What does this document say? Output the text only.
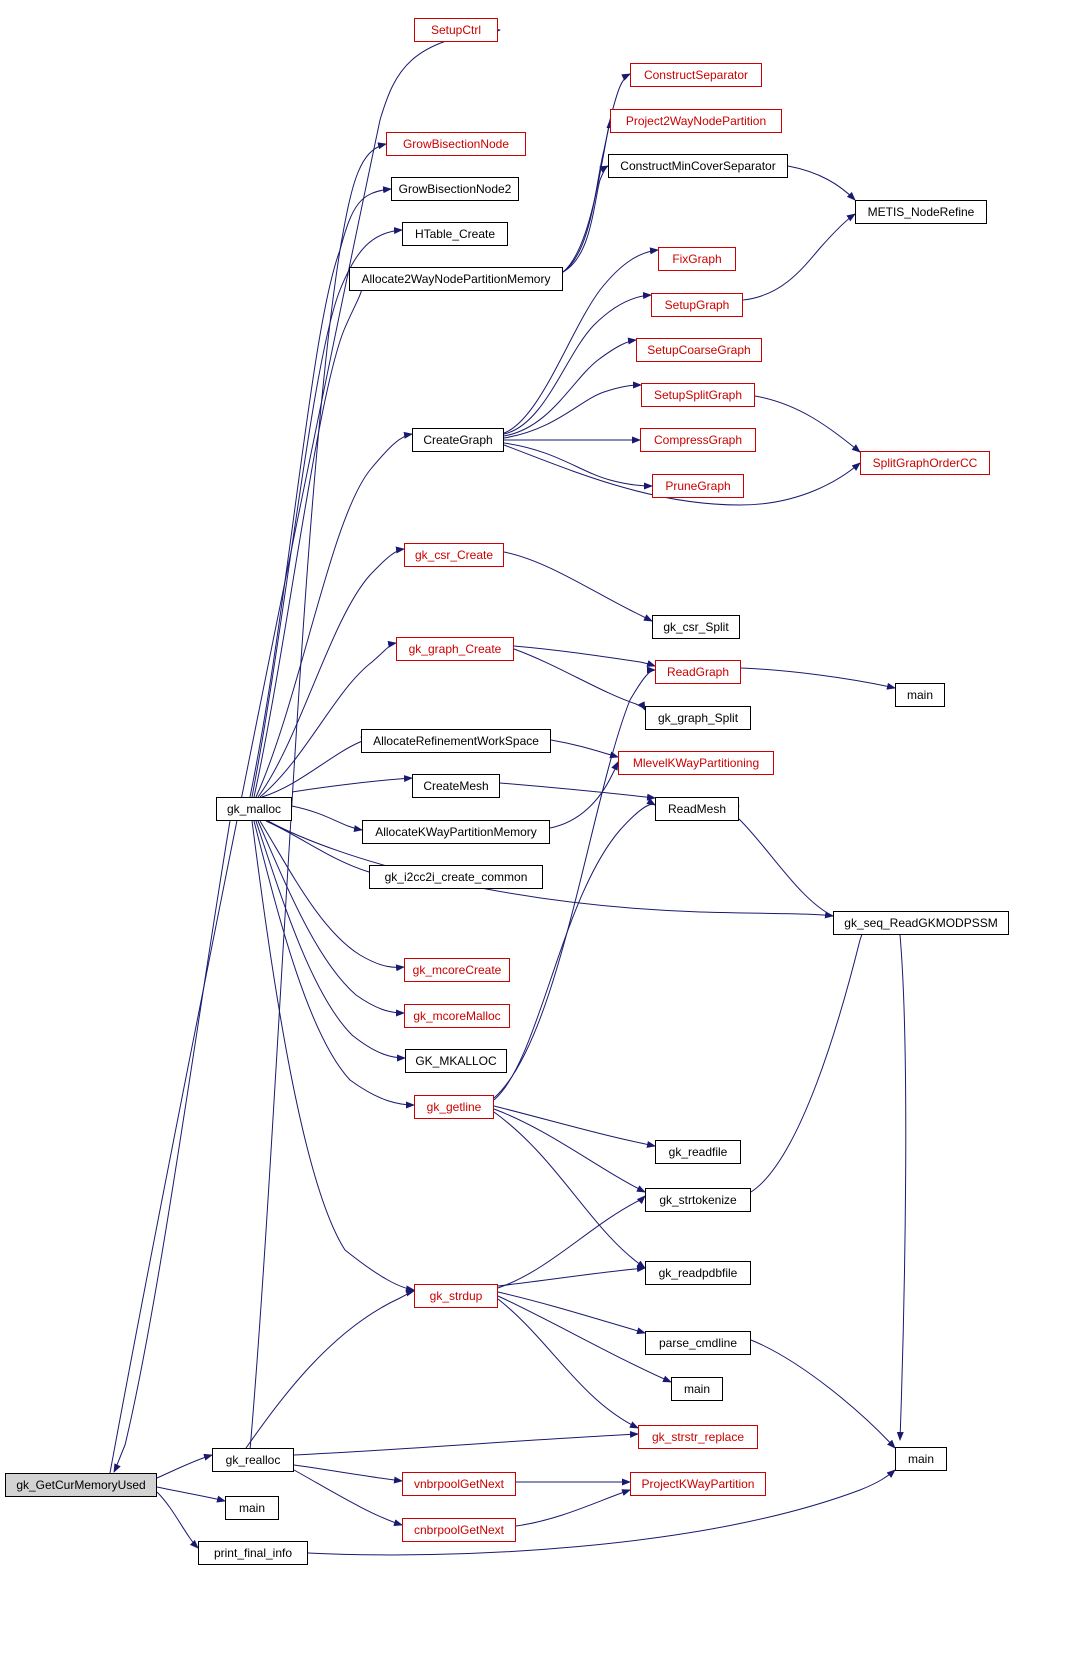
SetupCtrl
ConstructSeparator
Project2WayNodePartition
GrowBisectionNode
ConstructMinCoverSeparator
METIS_NodeRefine
GrowBisectionNode2
HTable_Create
Allocate2WayNodePartitionMemory
FixGraph
SetupGraph
SetupCoarseGraph
SetupSplitGraph
CreateGraph	CompressGraph
SplitGraphOrderCC
PruneGraph
gk_csr_Create
gk_csr_Split
gk_graph_Create
ReadGraph
main
gk_graph_Split
AllocateRefinementWorkSpace
MlevelKWayPartitioning
CreateMesh
gk_malloc	ReadMesh
AllocateKWayPartitionMemory
gk_i2cc2i_create_common
gk_seq_ReadGKMODPSSM
gk_mcoreCreate
gk_mcoreMalloc
GK_MKALLOC
gk_getline
gk_readfile
gk_strtokenize
gk_readpdbfile
gk_strdup
parse_cmdline
main
gk_strstr_replace
main
gk_realloc
gk_GetCurMemoryUsed	vnbrpoolGetNext	ProjectKWayPartition
main
cnbrpoolGetNext
print_final_info
